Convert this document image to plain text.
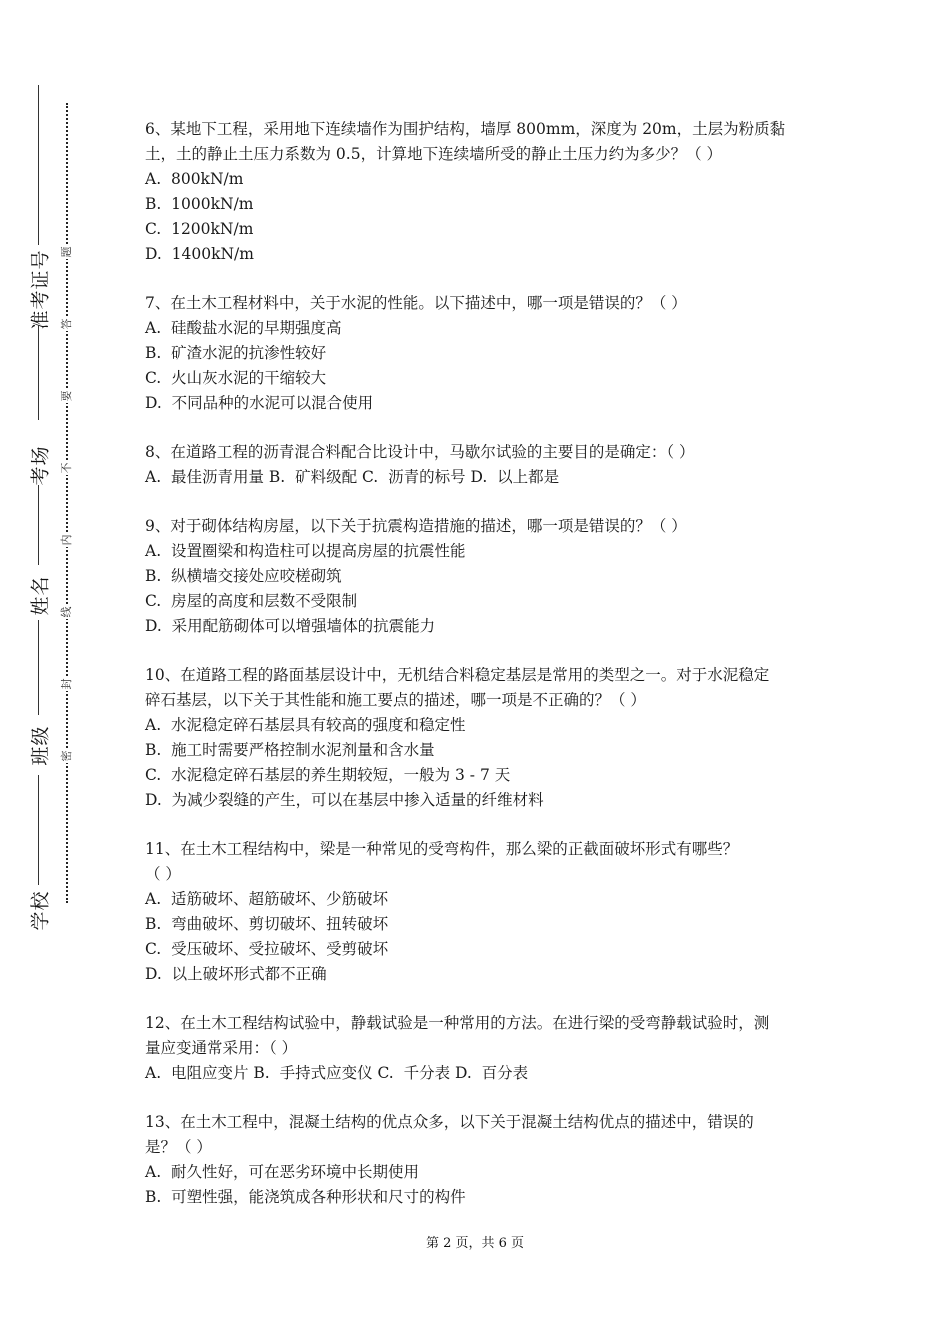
准考证号
考场
姓名
班级
学校
题
答
要
不
内
线
封
密

6、某地下工程，采用地下连续墙作为围护结构，墙厚 800mm，深度为 20m，土层为粉质黏

土，土的静止土压力系数为 0.5，计算地下连续墙所受的静止土压力约为多少？（ ）

A.  800kN/m

B.  1000kN/m

C.  1200kN/m

D.  1400kN/m

7、在土木工程材料中，关于水泥的性能。以下描述中，哪一项是错误的？（ ）

A.  硅酸盐水泥的早期强度高

B.  矿渣水泥的抗渗性较好

C.  火山灰水泥的干缩较大

D.  不同品种的水泥可以混合使用

8、在道路工程的沥青混合料配合比设计中，马歇尔试验的主要目的是确定：（ ）

A.  最佳沥青用量 B.  矿料级配 C.  沥青的标号 D.  以上都是

9、对于砌体结构房屋，以下关于抗震构造措施的描述，哪一项是错误的？（ ）

A.  设置圈梁和构造柱可以提高房屋的抗震性能

B.  纵横墙交接处应咬槎砌筑

C.  房屋的高度和层数不受限制

D.  采用配筋砌体可以增强墙体的抗震能力

10、在道路工程的路面基层设计中，无机结合料稳定基层是常用的类型之一。对于水泥稳定

碎石基层，以下关于其性能和施工要点的描述，哪一项是不正确的？（ ）

A.  水泥稳定碎石基层具有较高的强度和稳定性

B.  施工时需要严格控制水泥剂量和含水量

C.  水泥稳定碎石基层的养生期较短，一般为 3 - 7 天

D.  为减少裂缝的产生，可以在基层中掺入适量的纤维材料

11、在土木工程结构中，梁是一种常见的受弯构件，那么梁的正截面破坏形式有哪些？

（ ）

A.  适筋破坏、超筋破坏、少筋破坏

B.  弯曲破坏、剪切破坏、扭转破坏

C.  受压破坏、受拉破坏、受剪破坏

D.  以上破坏形式都不正确

12、在土木工程结构试验中，静载试验是一种常用的方法。在进行梁的受弯静载试验时，测

量应变通常采用：（ ）

A.  电阻应变片 B.  手持式应变仪 C.  千分表 D.  百分表

13、在土木工程中，混凝土结构的优点众多，以下关于混凝土结构优点的描述中，错误的

是？（ ）

A.  耐久性好，可在恶劣环境中长期使用

B.  可塑性强，能浇筑成各种形状和尺寸的构件

第 2 页，共 6 页
